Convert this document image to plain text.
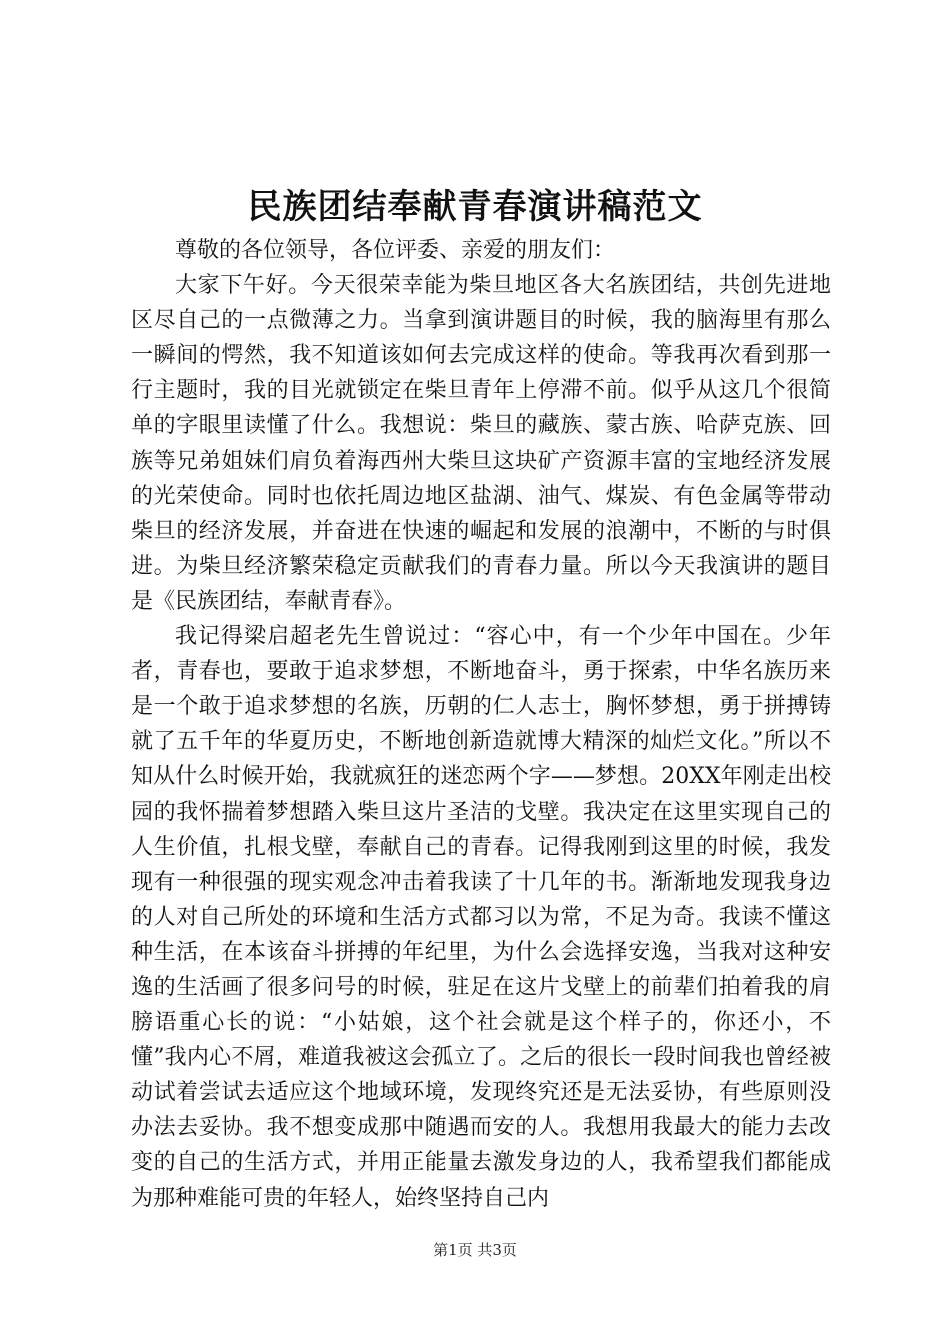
民族团结奉献青春演讲稿范文

尊敬的各位领导，各位评委、亲爱的朋友们：

大家下午好。今天很荣幸能为柴旦地区各大名族团结，共创先进地区尽自己的一点微薄之力。当拿到演讲题目的时候，我的脑海里有那么一瞬间的愕然，我不知道该如何去完成这样的使命。等我再次看到那一行主题时，我的目光就锁定在柴旦青年上停滞不前。似乎从这几个很简单的字眼里读懂了什么。我想说：柴旦的藏族、蒙古族、哈萨克族、回族等兄弟姐妹们肩负着海西州大柴旦这块矿产资源丰富的宝地经济发展的光荣使命。同时也依托周边地区盐湖、油气、煤炭、有色金属等带动柴旦的经济发展，并奋进在快速的崛起和发展的浪潮中，不断的与时俱进。为柴旦经济繁荣稳定贡献我们的青春力量。所以今天我演讲的题目是《民族团结，奉献青春》。

我记得梁启超老先生曾说过：“容心中，有一个少年中国在。少年者，青春也，要敢于追求梦想，不断地奋斗，勇于探索，中华名族历来是一个敢于追求梦想的名族，历朝的仁人志士，胸怀梦想，勇于拼搏铸就了五千年的华夏历史，不断地创新造就博大精深的灿烂文化。”所以不知从什么时候开始，我就疯狂的迷恋两个字——梦想。20XX年刚走出校园的我怀揣着梦想踏入柴旦这片圣洁的戈壁。我决定在这里实现自己的人生价值，扎根戈壁，奉献自己的青春。记得我刚到这里的时候，我发现有一种很强的现实观念冲击着我读了十几年的书。渐渐地发现我身边的人对自己所处的环境和生活方式都习以为常，不足为奇。我读不懂这种生活，在本该奋斗拼搏的年纪里，为什么会选择安逸，当我对这种安逸的生活画了很多问号的时候，驻足在这片戈壁上的前辈们拍着我的肩膀语重心长的说：“小姑娘，这个社会就是这个样子的，你还小，不懂”我内心不屑，难道我被这会孤立了。之后的很长一段时间我也曾经被动试着尝试去适应这个地域环境，发现终究还是无法妥协，有些原则没办法去妥协。我不想变成那中随遇而安的人。我想用我最大的能力去改变的自己的生活方式，并用正能量去激发身边的人，我希望我们都能成为那种难能可贵的年轻人，始终坚持自己内

第1页 共3页
